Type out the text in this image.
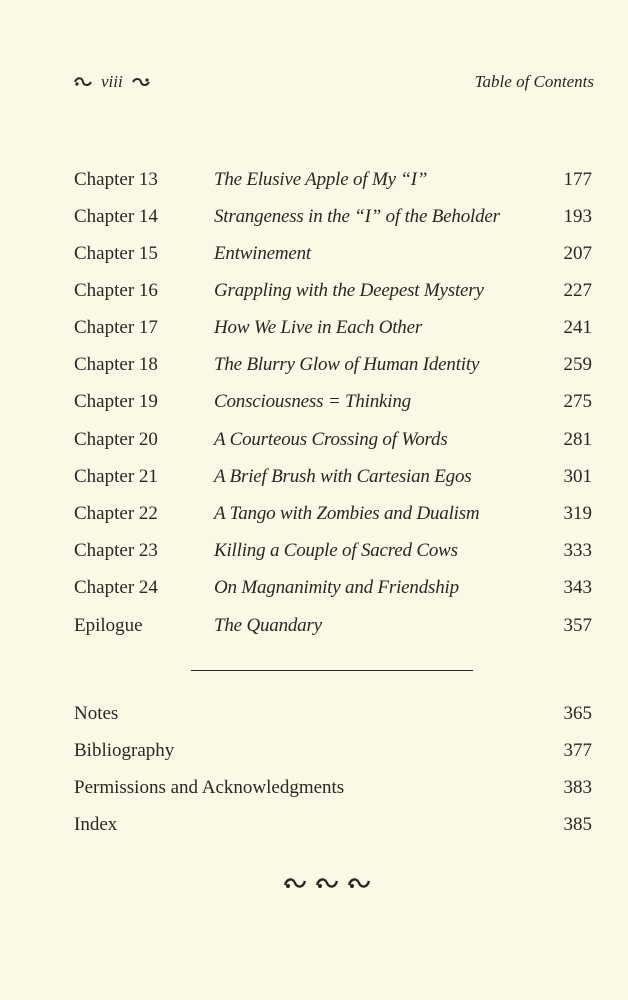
viii	Table of Contents
Chapter 13	The Elusive Apple of My “I”	177
Chapter 14	Strangeness in the “I” of the Beholder	193
Chapter 15	Entwinement	207
Chapter 16	Grappling with the Deepest Mystery	227
Chapter 17	How We Live in Each Other	241
Chapter 18	The Blurry Glow of Human Identity	259
Chapter 19	Consciousness = Thinking	275
Chapter 20	A Courteous Crossing of Words	281
Chapter 21	A Brief Brush with Cartesian Egos	301
Chapter 22	A Tango with Zombies and Dualism	319
Chapter 23	Killing a Couple of Sacred Cows	333
Chapter 24	On Magnanimity and Friendship	343
Epilogue	The Quandary	357
Notes	365
Bibliography	377
Permissions and Acknowledgments	383
Index	385
